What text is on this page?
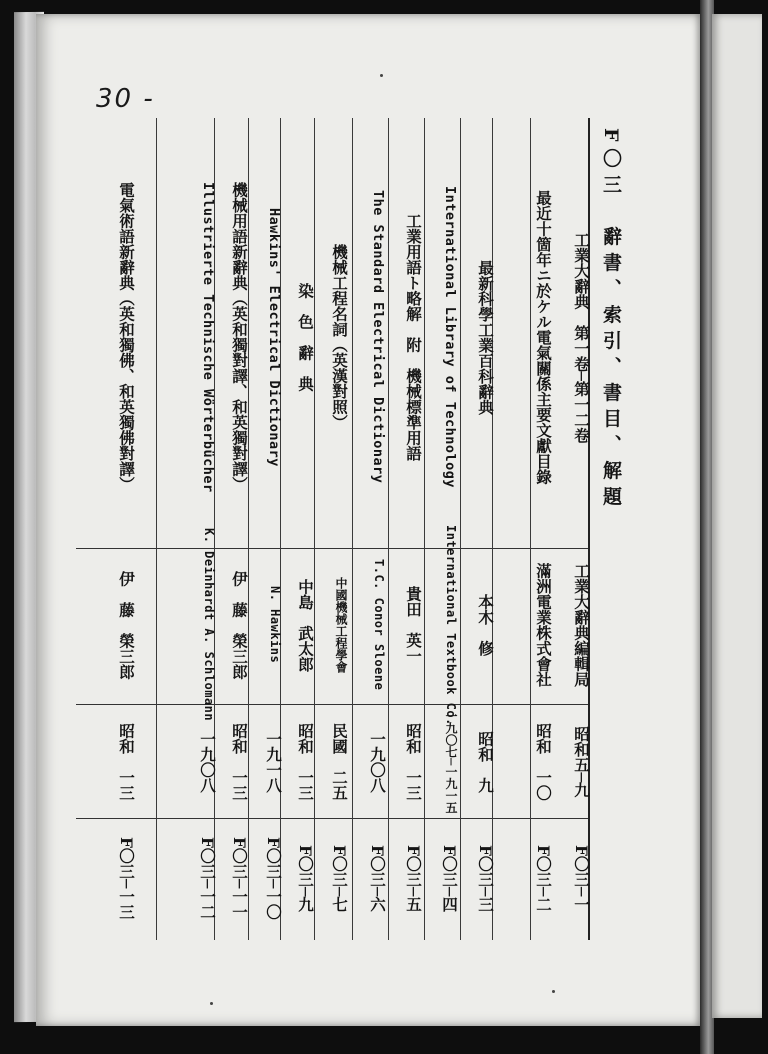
30 -
F〇三　辭書、索引、書目、解題
工業大辭典　第一卷─第一二卷
工業大辭典編輯局
昭和五─九
F〇三─一
最近十箇年ニ於ケル電氣關係主要文獻目錄
滿洲電業株式會社
昭和　一〇
F〇三─二
最新科學工業百科辭典
本木　修
昭和　九
F〇三─三
International Library of Technology
International Textbook Co.
一九〇七─一九一五
F〇三─四
工業用語ト略解　附　機械標準用語
貴田　英一
昭和　一三
F〇三─五
The Standard Electrical Dictionary
T.C. Conor Sloene
一九〇八
F〇三─六
機械工程名詞（英漢對照）
中國機械工程學會
民國　二五
F〇三─七
染　色　辭　典
中島　武太郎
昭和　一三
F〇三─九
Hawkins' Electrical Dictionary
N. Hawkins
一九一八
F〇三─一〇
機械用語新辭典（英和獨對譯、和英獨對譯）
伊　藤　榮三郎
昭和　一三
F〇三─一一
Illustrierte Technische Wörterbücher
K. Deinhardt A. Schlomann
一九〇八
F〇三─一二
電氣術語新辭典（英和獨佛、和英獨佛對譯）
伊　藤　榮三郎
昭和　一三
F〇三─一三
